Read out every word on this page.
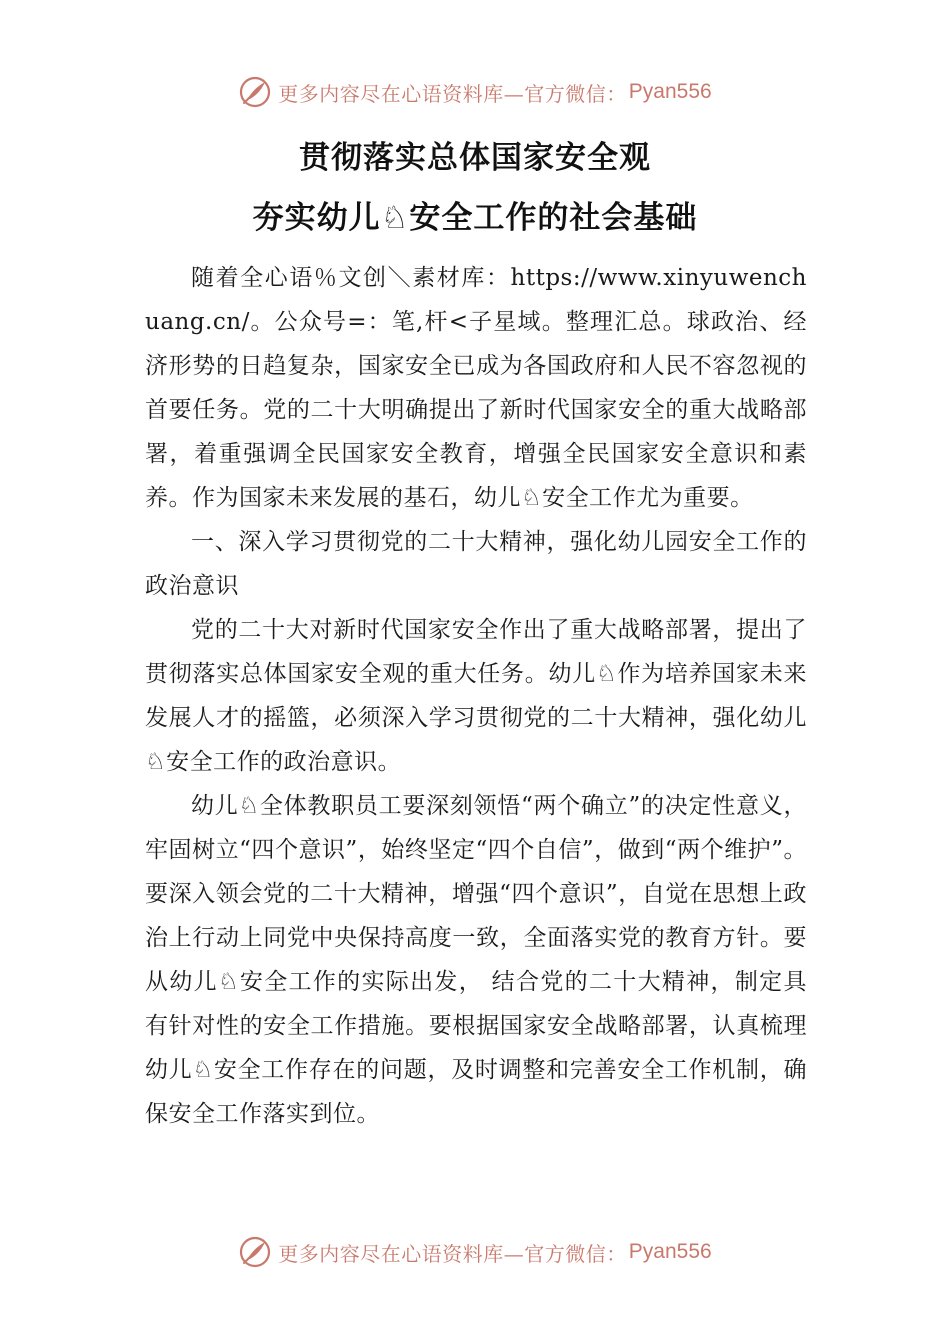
更多内容尽在心语资料库—官方微信： Pyan556

贯彻落实总体国家安全观

夯实幼儿♘安全工作的社会基础

随着全心语％文创＼素材库：https://www.xinyuwenchuang.cn/。公众号=：笔,杆<子星域。整理汇总。球政治、经济形势的日趋复杂，国家安全已成为各国政府和人民不容忽视的首要任务。党的二十大明确提出了新时代国家安全的重大战略部署，着重强调全民国家安全教育，增强全民国家安全意识和素养。作为国家未来发展的基石，幼儿♘安全工作尤为重要。

一、深入学习贯彻党的二十大精神，强化幼儿园安全工作的政治意识

党的二十大对新时代国家安全作出了重大战略部署，提出了贯彻落实总体国家安全观的重大任务。幼儿♘作为培养国家未来发展人才的摇篮，必须深入学习贯彻党的二十大精神，强化幼儿♘安全工作的政治意识。

幼儿♘全体教职员工要深刻领悟“两个确立”的决定性意义，牢固树立“四个意识”，始终坚定“四个自信”，做到“两个维护”。要深入领会党的二十大精神，增强“四个意识”，自觉在思想上政治上行动上同党中央保持高度一致，全面落实党的教育方针。要从幼儿♘安全工作的实际出发， 结合党的二十大精神，制定具有针对性的安全工作措施。要根据国家安全战略部署，认真梳理幼儿♘安全工作存在的问题，及时调整和完善安全工作机制，确保安全工作落实到位。

更多内容尽在心语资料库—官方微信： Pyan556
